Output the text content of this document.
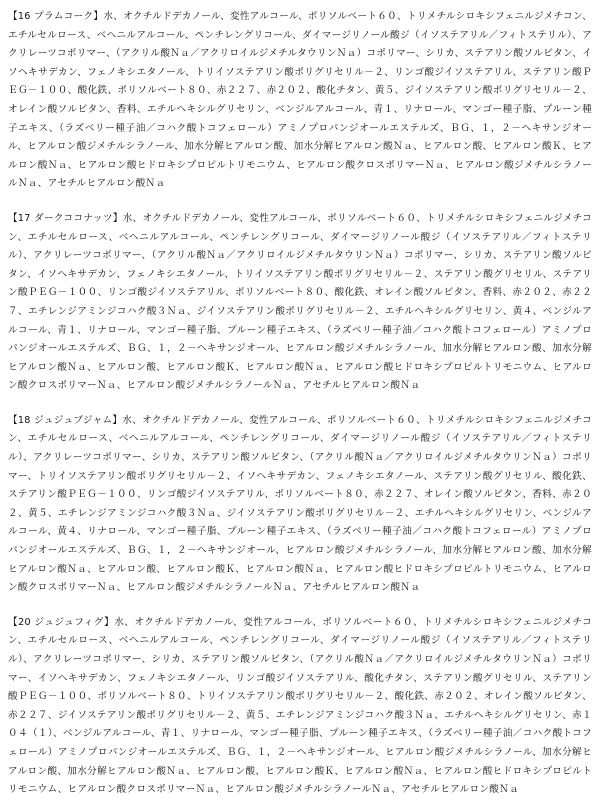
【16 プラムコーク】水、オクチルドデカノール、変性アルコール、ポリソルベート６０、トリメチルシロキシフェニルジメチコン、エチルセルロース、ベヘニルアルコール、ペンチレングリコール、ダイマージリノール酸ジ（イソステアリル／フィトステリル）、アクリレーツコポリマー、（アクリル酸Ｎａ／アクリロイルジメチルタウリンＮａ）コポリマー、シリカ、ステアリン酸ソルビタン、イソヘキサデカン、フェノキシエタノール、トリイソステアリン酸ポリグリセリル－２、リンゴ酸ジイソステアリル、ステアリン酸ＰＥＧ－１００、酸化鉄、ポリソルベート８０、赤２２７、赤２０２、酸化チタン、黄５、ジイソステアリン酸ポリグリセリル－２、オレイン酸ソルビタン、香料、エチルヘキシルグリセリン、ベンジルアルコール、青１、リナロール、マンゴー種子脂、プルーン種子エキス、（ラズベリー種子油／コハク酸トコフェロール）アミノプロパンジオールエステルズ、ＢＧ、１，２－ヘキサンジオール、ヒアルロン酸ジメチルシラノール、加水分解ヒアルロン酸、加水分解ヒアルロン酸Ｎａ、ヒアルロン酸、ヒアルロン酸Ｋ、ヒアルロン酸Ｎａ、ヒアルロン酸ヒドロキシプロピルトリモニウム、ヒアルロン酸クロスポリマーＮａ、ヒアルロン酸ジメチルシラノールＮａ、アセチルヒアルロン酸Ｎａ

【17 ダークココナッツ】水、オクチルドデカノール、変性アルコール、ポリソルベート６０、トリメチルシロキシフェニルジメチコン、エチルセルロース、ベヘニルアルコール、ペンチレングリコール、ダイマージリノール酸ジ（イソステアリル／フィトステリル）、アクリレーツコポリマー、（アクリル酸Ｎａ／アクリロイルジメチルタウリンＮａ）コポリマー、シリカ、ステアリン酸ソルビタン、イソヘキサデカン、フェノキシエタノール、トリイソステアリン酸ポリグリセリル－２、ステアリン酸グリセリル、ステアリン酸ＰＥＧ－１００、リンゴ酸ジイソステアリル、ポリソルベート８０、酸化鉄、オレイン酸ソルビタン、香料、赤２０２、赤２２７、エチレンジアミンジコハク酸３Ｎａ、ジイソステアリン酸ポリグリセリル－２、エチルヘキシルグリセリン、黄４、ベンジルアルコール、青１、リナロール、マンゴー種子脂、プルーン種子エキス、（ラズベリー種子油／コハク酸トコフェロール）アミノプロパンジオールエステルズ、ＢＧ、１，２－ヘキサンジオール、ヒアルロン酸ジメチルシラノール、加水分解ヒアルロン酸、加水分解ヒアルロン酸Ｎａ、ヒアルロン酸、ヒアルロン酸Ｋ、ヒアルロン酸Ｎａ、ヒアルロン酸ヒドロキシプロピルトリモニウム、ヒアルロン酸クロスポリマーＮａ、ヒアルロン酸ジメチルシラノールＮａ、アセチルヒアルロン酸Ｎａ

【18 ジュジュブジャム】水、オクチルドデカノール、変性アルコール、ポリソルベート６０、トリメチルシロキシフェニルジメチコン、エチルセルロース、ベヘニルアルコール、ペンチレングリコール、ダイマージリノール酸ジ（イソステアリル／フィトステリル）、アクリレーツコポリマー、シリカ、ステアリン酸ソルビタン、（アクリル酸Ｎａ／アクリロイルジメチルタウリンＮａ）コポリマー、トリイソステアリン酸ポリグリセリル－２、イソヘキサデカン、フェノキシエタノール、ステアリン酸グリセリル、酸化鉄、ステアリン酸ＰＥＧ－１００、リンゴ酸ジイソステアリル、ポリソルベート８０、赤２２７、オレイン酸ソルビタン、香料、赤２０２、黄５、エチレンジアミンジコハク酸３Ｎａ、ジイソステアリン酸ポリグリセリル－２、エチルヘキシルグリセリン、ベンジルアルコール、黄４、リナロール、マンゴー種子脂、プルーン種子エキス、（ラズベリー種子油／コハク酸トコフェロール）アミノプロパンジオールエステルズ、ＢＧ、１，２－ヘキサンジオール、ヒアルロン酸ジメチルシラノール、加水分解ヒアルロン酸、加水分解ヒアルロン酸Ｎａ、ヒアルロン酸、ヒアルロン酸Ｋ、ヒアルロン酸Ｎａ、ヒアルロン酸ヒドロキシプロピルトリモニウム、ヒアルロン酸クロスポリマーＮａ、ヒアルロン酸ジメチルシラノールＮａ、アセチルヒアルロン酸Ｎａ

【20 ジュジュフィグ】水、オクチルドデカノール、変性アルコール、ポリソルベート６０、トリメチルシロキシフェニルジメチコン、エチルセルロース、ベヘニルアルコール、ペンチレングリコール、ダイマージリノール酸ジ（イソステアリル／フィトステリル）、アクリレーツコポリマー、シリカ、ステアリン酸ソルビタン、（アクリル酸Ｎａ／アクリロイルジメチルタウリンＮａ）コポリマー、イソヘキサデカン、フェノキシエタノール、リンゴ酸ジイソステアリル、酸化チタン、ステアリン酸グリセリル、ステアリン酸ＰＥＧ－１００、ポリソルベート８０、トリイソステアリン酸ポリグリセリル－２、酸化鉄、赤２０２、オレイン酸ソルビタン、赤２２７、ジイソステアリン酸ポリグリセリル－２、黄５、エチレンジアミンジコハク酸３Ｎａ、エチルヘキシルグリセリン、赤１０４（１）、ベンジルアルコール、青１、リナロール、マンゴー種子脂、プルーン種子エキス、（ラズベリー種子油／コハク酸トコフェロール）アミノプロパンジオールエステルズ、ＢＧ、１，２－ヘキサンジオール、ヒアルロン酸ジメチルシラノール、加水分解ヒアルロン酸、加水分解ヒアルロン酸Ｎａ、ヒアルロン酸、ヒアルロン酸Ｋ、ヒアルロン酸Ｎａ、ヒアルロン酸ヒドロキシプロピルトリモニウム、ヒアルロン酸クロスポリマーＮａ、ヒアルロン酸ジメチルシラノールＮａ、アセチルヒアルロン酸Ｎａ
